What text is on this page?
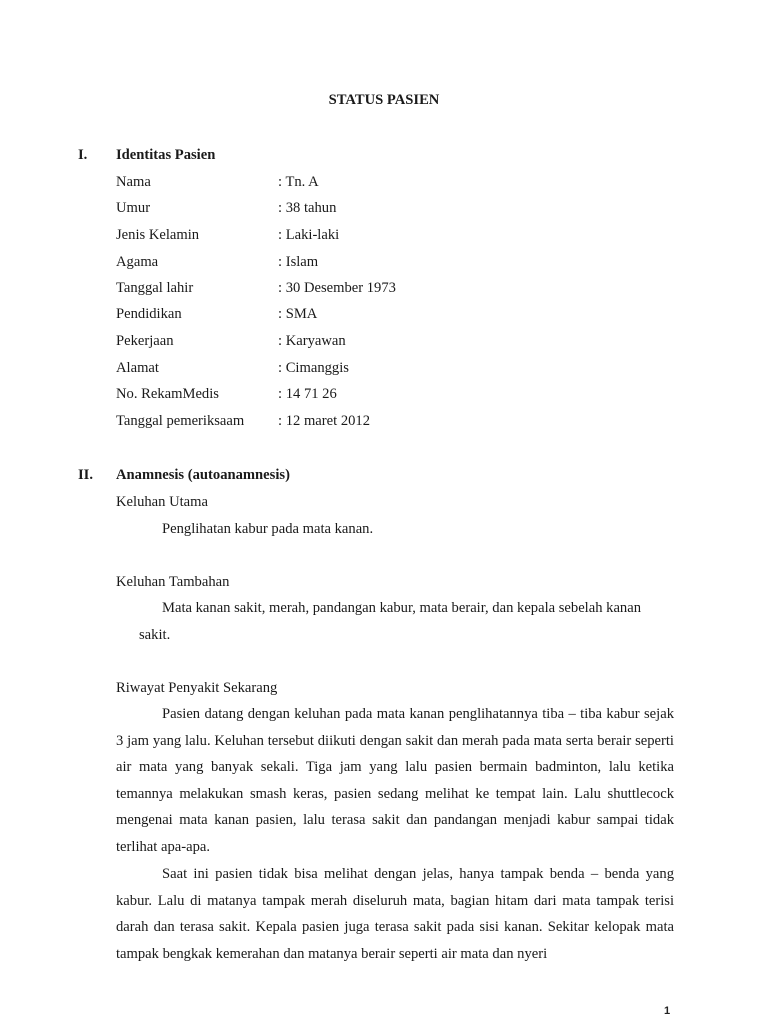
STATUS PASIEN
I. Identitas Pasien
Nama	: Tn. A
Umur	: 38 tahun
Jenis Kelamin	: Laki-laki
Agama	: Islam
Tanggal lahir	: 30 Desember 1973
Pendidikan	: SMA
Pekerjaan	: Karyawan
Alamat	: Cimanggis
No. RekamMedis	: 14 71 26
Tanggal pemeriksaam : 12 maret 2012
II. Anamnesis (autoanamnesis)
Keluhan Utama
Penglihatan kabur pada mata kanan.
Keluhan Tambahan
Mata kanan sakit, merah, pandangan kabur, mata berair, dan kepala sebelah kanan
sakit.
Riwayat Penyakit Sekarang

Pasien datang dengan keluhan pada mata kanan penglihatannya tiba – tiba kabur sejak 3 jam yang lalu. Keluhan tersebut diikuti dengan sakit dan merah pada mata serta berair seperti air mata yang banyak sekali. Tiga jam yang lalu pasien bermain badminton, lalu ketika temannya melakukan smash keras, pasien sedang melihat ke tempat lain. Lalu shuttlecock mengenai mata kanan pasien, lalu terasa sakit dan pandangan menjadi kabur sampai tidak terlihat apa-apa.

Saat ini pasien tidak bisa melihat dengan jelas, hanya tampak benda – benda yang kabur. Lalu di matanya tampak merah diseluruh mata, bagian hitam dari mata tampak terisi darah dan terasa sakit. Kepala pasien juga terasa sakit pada sisi kanan. Sekitar kelopak mata tampak bengkak kemerahan dan matanya berair seperti air mata dan nyeri

1
